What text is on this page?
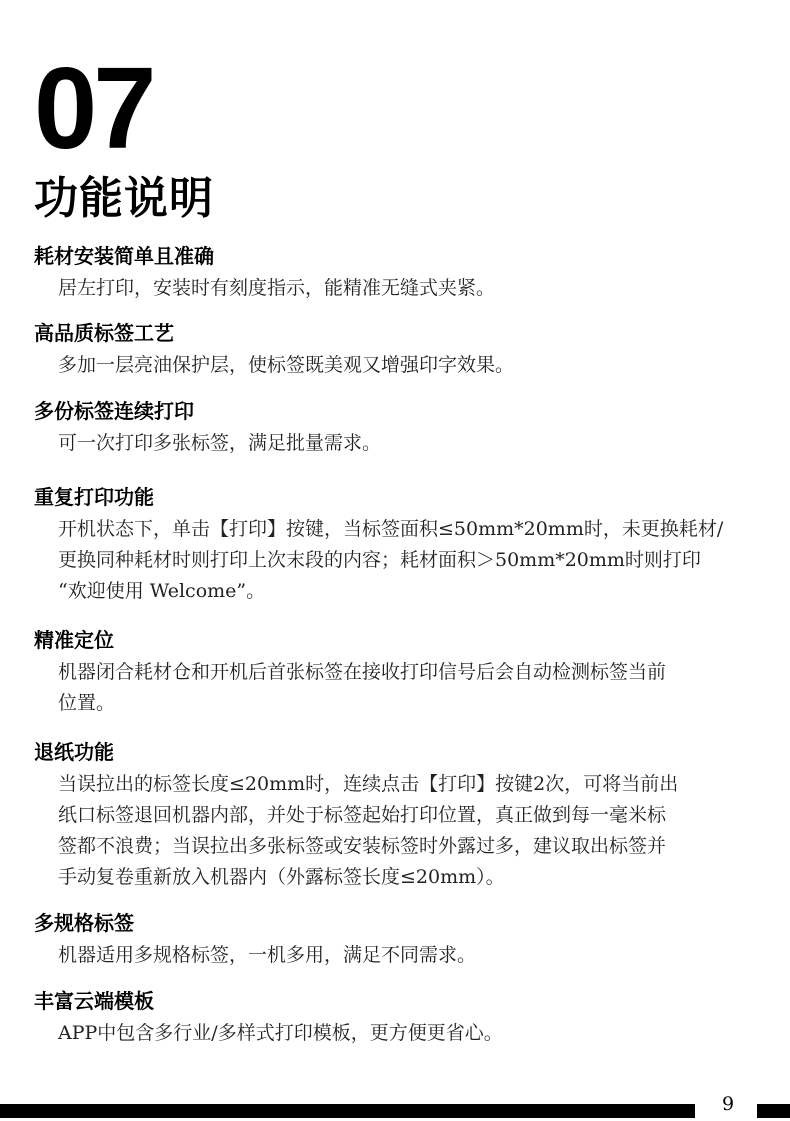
07
功能说明
耗材安装简单且准确
居左打印，安装时有刻度指示，能精准无缝式夹紧。
高品质标签工艺
多加一层亮油保护层，使标签既美观又增强印字效果。
多份标签连续打印
可一次打印多张标签，满足批量需求。
重复打印功能
开机状态下，单击【打印】按键，当标签面积≤50mm*20mm时，未更换耗材/
更换同种耗材时则打印上次末段的内容；耗材面积＞50mm*20mm时则打印
“欢迎使用 Welcome”。
精准定位
机器闭合耗材仓和开机后首张标签在接收打印信号后会自动检测标签当前
位置。
退纸功能
当误拉出的标签长度≤20mm时，连续点击【打印】按键2次，可将当前出
纸口标签退回机器内部，并处于标签起始打印位置，真正做到每一毫米标
签都不浪费；当误拉出多张标签或安装标签时外露过多，建议取出标签并
手动复卷重新放入机器内（外露标签长度≤20mm）。
多规格标签
机器适用多规格标签，一机多用，满足不同需求。
丰富云端模板
APP中包含多行业/多样式打印模板，更方便更省心。
9
